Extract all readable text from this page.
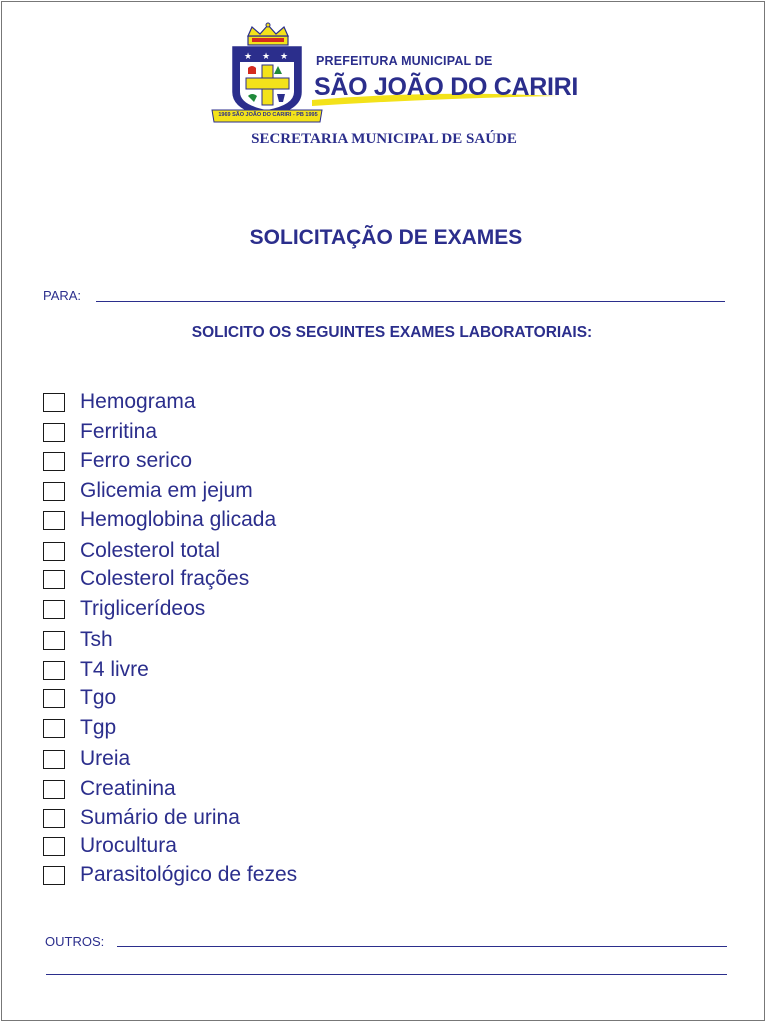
★ ★ ★
1969 SÃO JOÃO DO CARIRI - PB 1995
PREFEITURA MUNICIPAL DE
SÃO JOÃO DO CARIRI
SECRETARIA MUNICIPAL DE SAÚDE
SOLICITAÇÃO DE EXAMES
PARA:
SOLICITO OS SEGUINTES EXAMES LABORATORIAIS:
Hemograma
Ferritina
Ferro serico
Glicemia em jejum
Hemoglobina glicada
Colesterol total
Colesterol frações
Triglicerídeos
Tsh
T4 livre
Tgo
Tgp
Ureia
Creatinina
Sumário de urina
Urocultura
Parasitológico de fezes
OUTROS:
